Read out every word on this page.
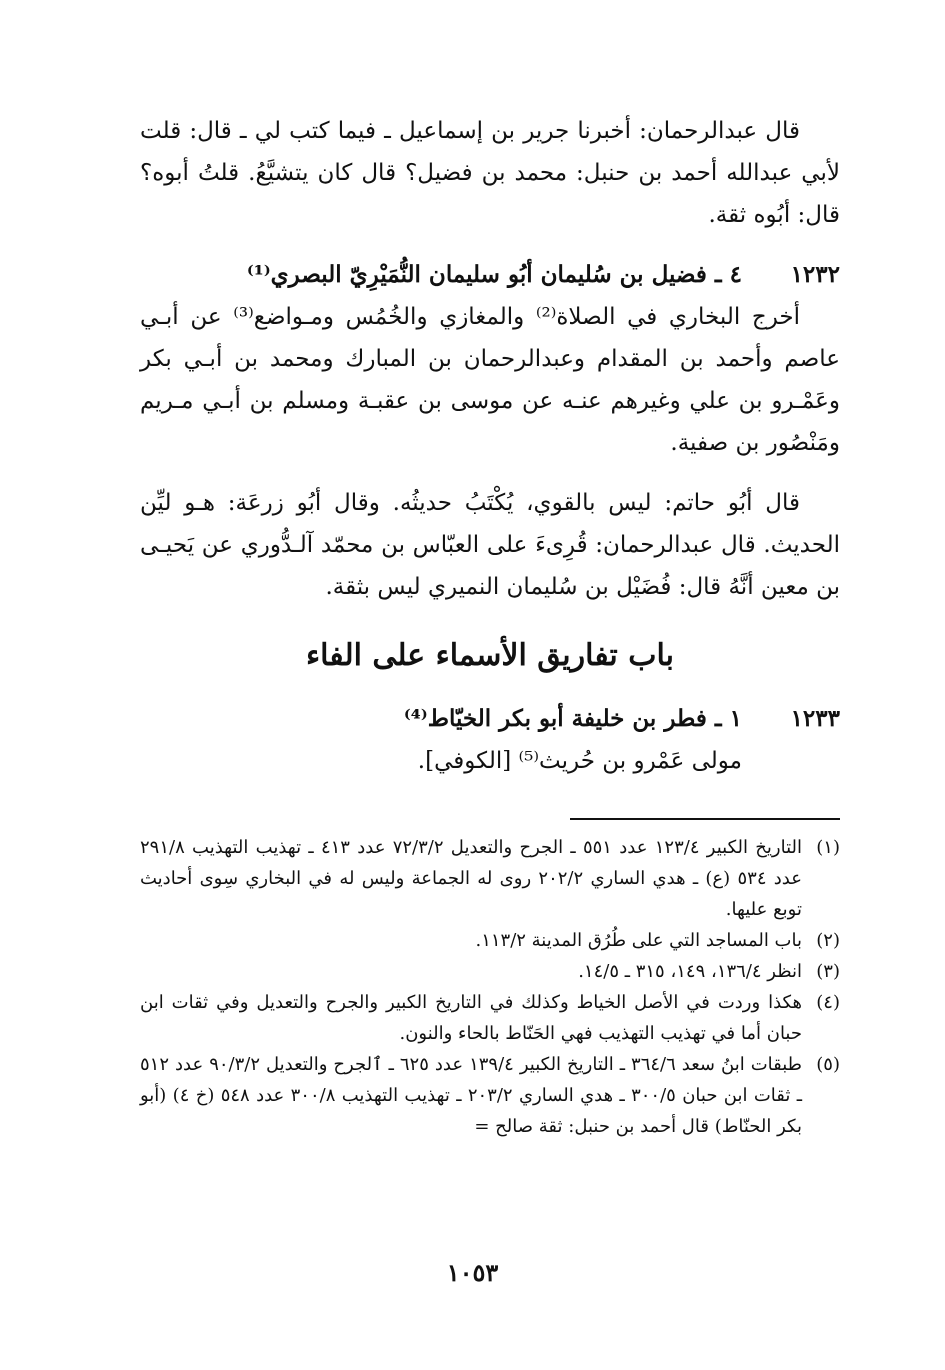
قال عبدالرحمان: أخبرنا جرير بن إسماعيل ـ فيما كتب لي ـ قال: قلت لأبي عبدالله أحمد بن حنبل: محمد بن فضيل؟ قال كان يتشيَّعُ. قلتُ أبوه؟ قال: أبُوه ثقة.

١٢٣٢
٤ ـ فضيل بن سُليمان أبُو سليمان النُّمَيْرِيّ البصري⁽¹⁾

أخرج البخاري في الصلاة⁽²⁾ والمغازي والخُمُس ومـواضع⁽³⁾ عن أبـي عاصم وأحمد بن المقدام وعبدالرحمان بن المبارك ومحمد بن أبـي بكر وعَمْـرو بن علي وغيرهم عنـه عن موسى بن عقبـة ومسلم بن أبـي مـريم ومَنْصُور بن صفية.

قال أبُو حاتم: ليس بالقوي، يُكْتَبُ حديثُه. وقال أبُو زرعَة: هـو ليِّن الحديث. قال عبدالرحمان: قُرِىءَ على العبّاس بن محمّد آلـدُّوري عن يَحيـى بن معين أنَّهُ قال: فُضَيْل بن سُليمان النميري ليس بثقة.

باب تفاريق الأسماء على الفاء
١٢٣٣
١ ـ فطر بن خليفة أبو بكر الخيّاط⁽⁴⁾
مولى عَمْرو بن حُريث⁽⁵⁾ [الكوفي].
(١)
التاريخ الكبير ١٢٣/٤ عدد ٥٥١ ـ الجرح والتعديل ٧٢/٣/٢ عدد ٤١٣ ـ تهذيب التهذيب ٢٩١/٨ عدد ٥٣٤ (ع) ـ هدي الساري ٢٠٢/٢ روى له الجماعة وليس له في البخاري سِوى أحاديث توبع عليها.
(٢)
باب المساجد التي على طُرُق المدينة ١١٣/٢.
(٣)
انظر ١٣٦/٤، ١٤٩، ٣١٥ ـ ١٤/٥.
(٤)
هكذا وردت في الأصل الخياط وكذلك في التاريخ الكبير والجرح والتعديل وفي ثقات ابن حبان أما في تهذيب التهذيب فهي الحَنّاط بالحاء والنون.
(٥)
طبقات ابنُ سعد ٣٦٤/٦ ـ التاريخ الكبير ١٣٩/٤ عدد ٦٢٥ ـ ٱلجرح والتعديل ٩٠/٣/٢ عدد ٥١٢ ـ ثقات ابن حبان ٣٠٠/٥ ـ هدي الساري ٢٠٣/٢ ـ تهذيب التهذيب ٣٠٠/٨ عدد ٥٤٨ (خ ٤) (أبو بكر الحنّاط) قال أحمد بن حنبل: ثقة صالح =
١٠٥٣
